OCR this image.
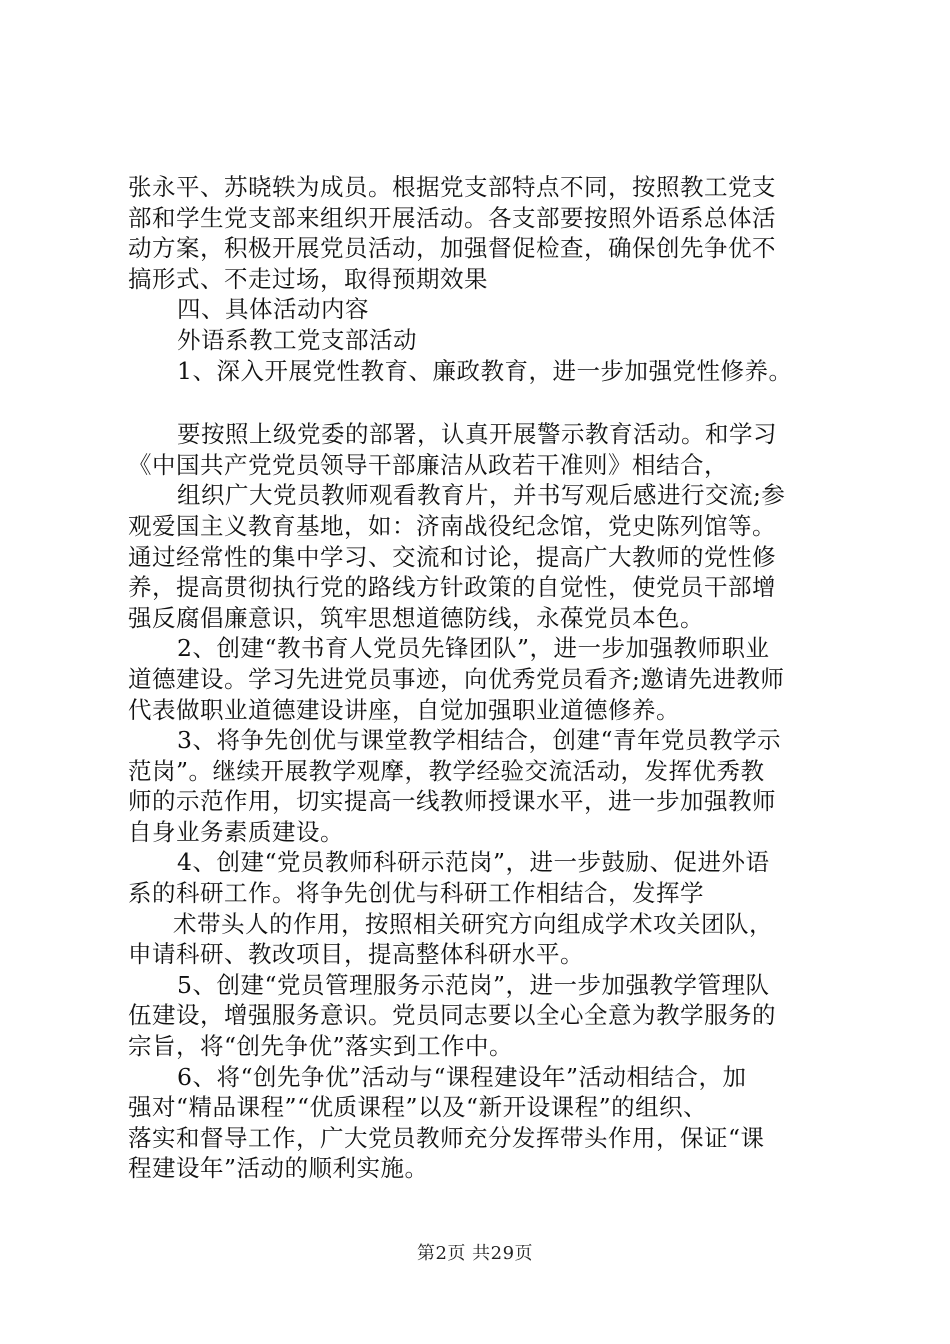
张永平、苏晓轶为成员。根据党支部特点不同，按照教工党支
部和学生党支部来组织开展活动。各支部要按照外语系总体活
动方案，积极开展党员活动，加强督促检查，确保创先争优不
搞形式、不走过场，取得预期效果
四、具体活动内容
外语系教工党支部活动
1、深入开展党性教育、廉政教育，进一步加强党性修养。
要按照上级党委的部署，认真开展警示教育活动。和学习
《中国共产党党员领导干部廉洁从政若干准则》相结合，
组织广大党员教师观看教育片，并书写观后感进行交流;参
观爱国主义教育基地，如：济南战役纪念馆，党史陈列馆等。
通过经常性的集中学习、交流和讨论，提高广大教师的党性修
养，提高贯彻执行党的路线方针政策的自觉性，使党员干部增
强反腐倡廉意识，筑牢思想道德防线，永葆党员本色。
2、创建“教书育人党员先锋团队”，进一步加强教师职业
道德建设。学习先进党员事迹，向优秀党员看齐;邀请先进教师
代表做职业道德建设讲座，自觉加强职业道德修养。
3、将争先创优与课堂教学相结合，创建“青年党员教学示
范岗”。继续开展教学观摩，教学经验交流活动，发挥优秀教
师的示范作用，切实提高一线教师授课水平，进一步加强教师
自身业务素质建设。
4、创建“党员教师科研示范岗”，进一步鼓励、促进外语
系的科研工作。将争先创优与科研工作相结合，发挥学
术带头人的作用，按照相关研究方向组成学术攻关团队，
申请科研、教改项目，提高整体科研水平。
5、创建“党员管理服务示范岗”，进一步加强教学管理队
伍建设，增强服务意识。党员同志要以全心全意为教学服务的
宗旨，将“创先争优”落实到工作中。
6、将“创先争优”活动与“课程建设年”活动相结合，加
强对“精品课程”“优质课程”以及“新开设课程”的组织、
落实和督导工作，广大党员教师充分发挥带头作用，保证“课
程建设年”活动的顺利实施。
第2页 共29页
